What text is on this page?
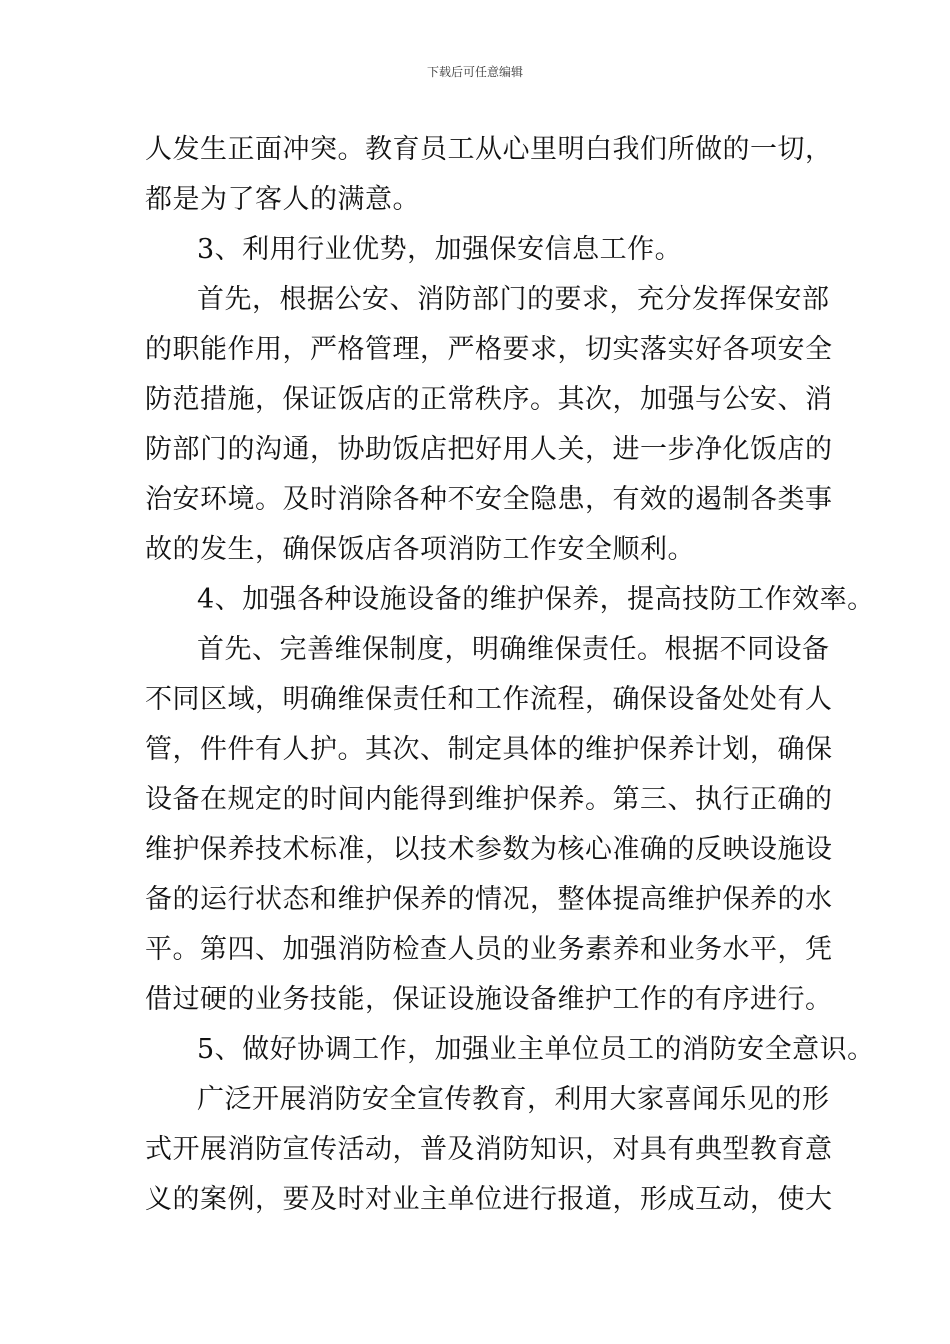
下载后可任意编辑
人发生正面冲突。教育员工从心里明白我们所做的一切，
都是为了客人的满意。
3、利用行业优势，加强保安信息工作。
首先，根据公安、消防部门的要求，充分发挥保安部
的职能作用，严格管理，严格要求，切实落实好各项安全
防范措施，保证饭店的正常秩序。其次，加强与公安、消
防部门的沟通，协助饭店把好用人关，进一步净化饭店的
治安环境。及时消除各种不安全隐患，有效的遏制各类事
故的发生，确保饭店各项消防工作安全顺利。
4、加强各种设施设备的维护保养，提高技防工作效率。
首先、完善维保制度，明确维保责任。根据不同设备
不同区域，明确维保责任和工作流程，确保设备处处有人
管，件件有人护。其次、制定具体的维护保养计划，确保
设备在规定的时间内能得到维护保养。第三、执行正确的
维护保养技术标准，以技术参数为核心准确的反映设施设
备的运行状态和维护保养的情况，整体提高维护保养的水
平。第四、加强消防检查人员的业务素养和业务水平，凭
借过硬的业务技能，保证设施设备维护工作的有序进行。
5、做好协调工作，加强业主单位员工的消防安全意识。
广泛开展消防安全宣传教育，利用大家喜闻乐见的形
式开展消防宣传活动，普及消防知识，对具有典型教育意
义的案例，要及时对业主单位进行报道，形成互动，使大
